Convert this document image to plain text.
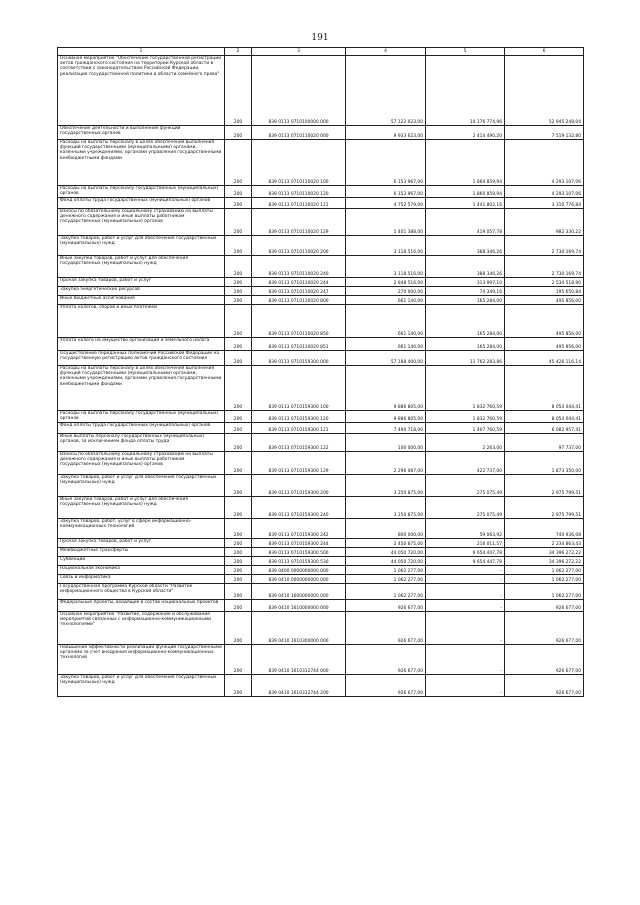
191
1	2	3	4	5	6
Основное мероприятие "Обеспечение государственной регистрации актов гражданского состояния на территории Курской области в соответствии с законодательством Российской Федерации, реализация государственной политики в области семейного права"	200	839 0113 0710100000 000	57 122 023,00	14 176 774,96	52 945 248,04
Обеспечение деятельности и выполнение функций государственных органов	200	839 0113 0710110020 000	9 933 623,00	2 414 490,20	7 519 132,80
Расходы на выплаты персоналу в целях обеспечения выполнения функций государственными (муниципальными) органами, казенными учреждениями, органами управления государственными внебюджетными фондами	200	839 0113 0710110020 100	6 153 967,00	1 860 859,94	4 293 107,06
Расходы на выплаты персоналу государственных (муниципальных) органов	200	839 0113 0710110020 120	6 153 967,00	1 860 859,94	4 293 107,06
Фонд оплаты труда государственных (муниципальных) органов	200	839 0113 0710110020 121	4 752 579,00	1 441 802,16	3 310 776,84
Взносы по обязательному социальному страхованию на выплаты денежного содержания и иные выплаты работникам государственных (муниципальных) органов	200	839 0113 0710110020 129	1 401 388,00	419 057,78	982 330,22
Закупка товаров, работ и услуг для обеспечения государственных (муниципальных) нужд	200	839 0113 0710110020 200	3 118 516,00	388 346,26	2 730 169,74
Иные закупки товаров, работ и услуг для обеспечения государственных (муниципальных) нужд	200	839 0113 0710110020 240	3 118 516,00	388 346,26	2 730 169,74
Прочая закупка товаров, работ и услуг	200	839 0113 0710110020 244	2 848 516,00	313 997,10	2 534 518,90
Закупка энергетических ресурсов	200	839 0113 0710110020 247	270 000,00	74 349,16	195 650,84
Иные бюджетные ассигнования	200	839 0113 0710110020 800	661 140,00	165 284,00	495 856,00
Уплата налогов, сборов и иных платежей	200	839 0113 0710110020 850	661 140,00	165 284,00	495 856,00
Уплата налога на имущество организаций и земельного налога	200	839 0113 0710110020 851	661 140,00	165 284,00	495 856,00
Осуществление переданных полномочий Российской Федерации на государственную регистрацию актов гражданского состояния	200	839 0113 0710159300 000	57 188 400,00	11 762 283,86	45 426 116,14
Расходы на выплаты персоналу в целях обеспечения выполнения функций государственными (муниципальными) органами, казенными учреждениями, органами управления государственными внебюджетными фондами	200	839 0113 0710159300 100	9 886 805,00	1 832 760,59	8 054 044,41
Расходы на выплаты персоналу государственных (муниципальных) органов	200	839 0113 0710159300 120	9 886 805,00	1 832 760,59	8 054 044,41
Фонд оплаты труда государственных (муниципальных) органов	200	839 0113 0710159300 121	7 490 718,00	1 407 760,59	6 082 957,41
Иные выплаты персоналу государственных (муниципальных) органов, за исключением фонда оплаты труда	200	839 0113 0710159300 122	100 000,00	2 263,00	97 737,00
Взносы по обязательному социальному страхованию на выплаты денежного содержания и иные выплаты работникам государственных (муниципальных) органов	200	839 0113 0710159300 129	2 296 087,00	422 737,00	1 873 350,00
Закупка товаров, работ и услуг для обеспечения государственных (муниципальных) нужд	200	839 0113 0710159300 200	3 250 875,00	275 075,49	2 975 799,51
Иные закупки товаров, работ и услуг для обеспечения государственных (муниципальных) нужд	200	839 0113 0710159300 240	3 250 875,00	275 075,49	2 975 799,51
Закупка товаров, работ, услуг в сфере информационно-коммуникационных технологий	200	839 0113 0710159300 242	800 000,00	59 063,92	740 936,08
Прочая закупка товаров, работ и услуг	200	839 0113 0710159300 244	2 450 875,00	216 011,57	2 234 863,43
Межбюджетные трансферты	200	839 0113 0710159300 500	44 050 720,00	9 654 447,78	34 396 272,22
Субвенции	200	839 0113 0710159300 530	44 050 720,00	9 654 447,78	34 396 272,22
Национальная экономика	200	839 0400 0000000000 000	1 062 277,00	-	1 062 277,00
Связь и информатика	200	839 0410 0000000000 000	1 062 277,00	-	1 062 277,00
Государственная программа Курской области "Развитие информационного общества в Курской области"	200	839 0410 1600000000 000	1 062 277,00	-	1 062 277,00
Федеральные проекты, входящие в состав национальных проектов	200	839 0410 1610000000 000	926 677,00	-	926 677,00
Основное мероприятие "Развитие, содержание и обслуживание мероприятий связанных с информационно-коммуникационными технологиями"	200	839 0410 1610300000 000	926 677,00	-	926 677,00
Повышение эффективности реализации функций государственными органами за счет внедрения информационно-коммуникационных технологий	200	839 0410 1610312744 000	926 677,00	-	926 677,00
Закупка товаров, работ и услуг для обеспечения государственных (муниципальных) нужд	200	839 0410 1610312744 200	926 677,00	-	926 677,00
